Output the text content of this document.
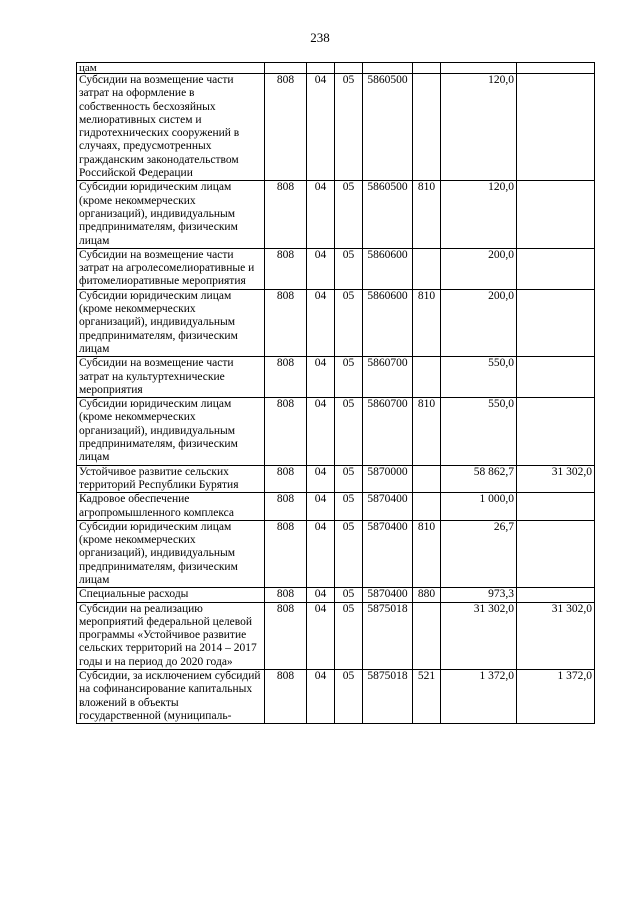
238
цам							
Субсидии на возмещение части затрат на оформление в собственность бесхозяйных мелиоративных систем и гидротехнических сооружений в случаях, предусмотренных гражданским законодательством Российской Федерации	808	04	05	5860500		120,0	
Субсидии юридическим лицам (кроме некоммерческих организаций), индивидуальным предпринимателям, физическим лицам	808	04	05	5860500	810	120,0	
Субсидии на возмещение части затрат на агролесомелиоративные и фитомелиоративные мероприятия	808	04	05	5860600		200,0	
Субсидии юридическим лицам (кроме некоммерческих организаций), индивидуальным предпринимателям, физическим лицам	808	04	05	5860600	810	200,0	
Субсидии на возмещение части затрат на культуртехнические мероприятия	808	04	05	5860700		550,0	
Субсидии юридическим лицам (кроме некоммерческих организаций), индивидуальным предпринимателям, физическим лицам	808	04	05	5860700	810	550,0	
Устойчивое развитие сельских территорий Республики Бурятия	808	04	05	5870000		58 862,7	31 302,0
Кадровое обеспечение агропромышленного комплекса	808	04	05	5870400		1 000,0	
Субсидии юридическим лицам (кроме некоммерческих организаций), индивидуальным предпринимателям, физическим лицам	808	04	05	5870400	810	26,7	
Специальные расходы	808	04	05	5870400	880	973,3	
Субсидии на реализацию мероприятий федеральной целевой программы «Устойчивое развитие сельских территорий на 2014 – 2017 годы и на период до 2020 года»	808	04	05	5875018		31 302,0	31 302,0
Субсидии, за исключением субсидий на софинансирование капитальных вложений в объекты государственной (муниципаль-	808	04	05	5875018	521	1 372,0	1 372,0
